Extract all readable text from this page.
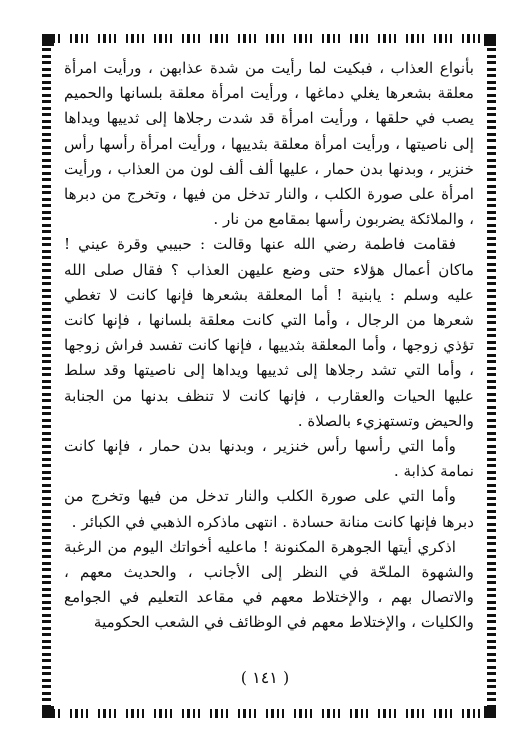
بأنواع العذاب ، فبكيت لما رأيت من شدة عذابهن ، ورأيت امرأة معلقة بشعرها يغلي دماغها ، ورأيت امرأة معلقة بلسانها والحميم يصب في حلقها ، ورأيت امرأة قد شدت رجلاها إلى ثدييها ويداها إلى ناصيتها ، ورأيت امرأة معلقة بثدييها ، ورأيت امرأة رأسها رأس خنزير ، وبدنها بدن حمار ، عليها ألف ألف لون من العذاب ، ورأيت امرأة على صورة الكلب ، والنار تدخل من فيها ، وتخرج من دبرها ، والملائكة يضربون رأسها بمقامع من نار .

فقامت فاطمة رضي الله عنها وقالت : حبيبي وقرة عيني ! ماكان أعمال هؤلاء حتى وضع عليهن العذاب ؟ فقال صلى الله عليه وسلم : يابنية ! أما المعلقة بشعرها فإنها كانت لا تغطي شعرها من الرجال ، وأما التي كانت معلقة بلسانها ، فإنها كانت تؤذي زوجها ، وأما المعلقة بثدييها ، فإنها كانت تفسد فراش زوجها ، وأما التي تشد رجلاها إلى ثدييها ويداها إلى ناصيتها وقد سلط عليها الحيات والعقارب ، فإنها كانت لا تنظف بدنها من الجنابة والحيض وتستهزيء بالصلاة .

وأما التي رأسها رأس خنزير ، وبدنها بدن حمار ، فإنها كانت نمامة كذابة .

وأما التي على صورة الكلب والنار تدخل من فيها وتخرج من دبرها فإنها كانت منانة حسادة . انتهى ماذكره الذهبي في الكبائر .

اذكري أيتها الجوهرة المكنونة ! ماعليه أخواتك اليوم من الرغبة والشهوة الملحّة في النظر إلى الأجانب ، والحديث معهم ، والاتصال بهم ، والإختلاط معهم في مقاعد التعليم في الجوامع والكليات ، والإختلاط معهم في الوظائف في الشعب الحكومية

( ١٤١ )
